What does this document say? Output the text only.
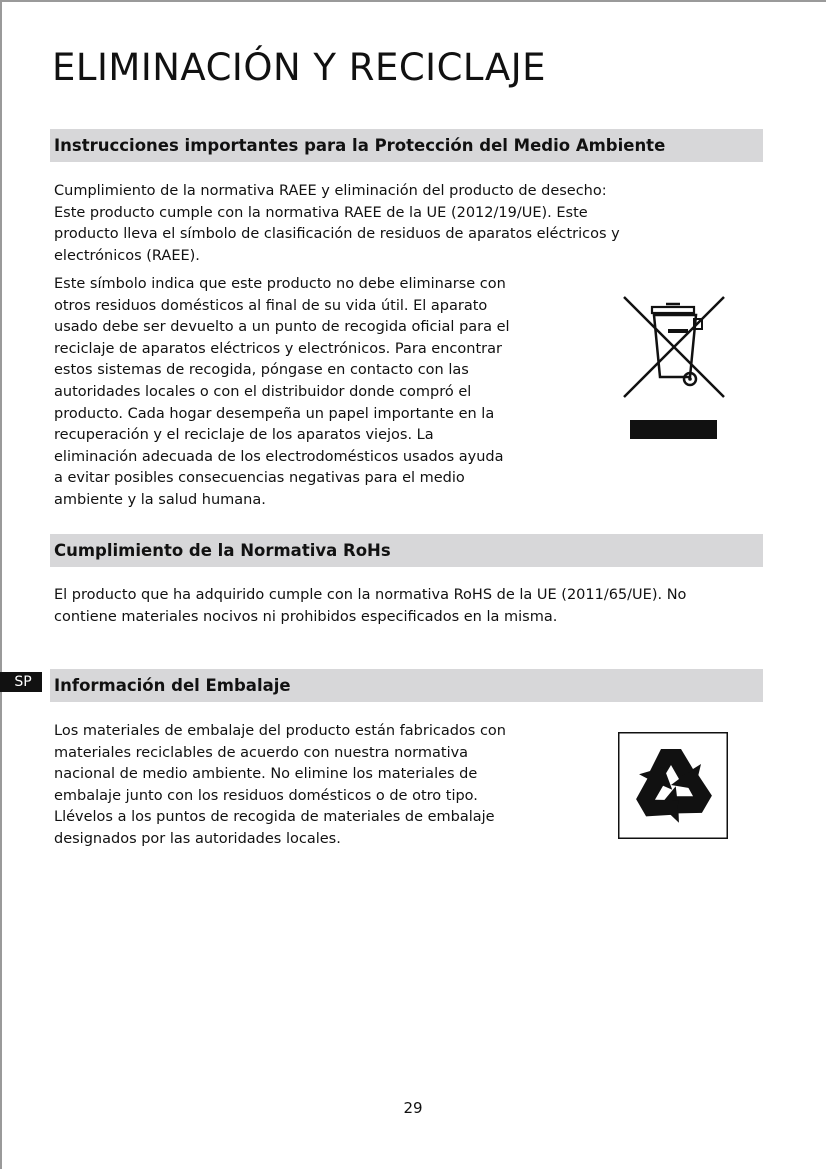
ELIMINACIÓN Y RECICLAJE
Instrucciones importantes para la Protección del Medio Ambiente
Cumplimiento de la normativa RAEE y eliminación del producto de desecho:
Este producto cumple con la normativa RAEE de la UE (2012/19/UE). Este
producto lleva el símbolo de clasificación de residuos de aparatos eléctricos y
electrónicos (RAEE).
Este símbolo indica que este producto no debe eliminarse con
otros residuos domésticos al final de su vida útil. El aparato
usado debe ser devuelto a un punto de recogida oficial para el
reciclaje de aparatos eléctricos y electrónicos. Para encontrar
estos sistemas de recogida, póngase en contacto con las
autoridades locales o con el distribuidor donde compró el
producto. Cada hogar desempeña un papel importante en la
recuperación y el reciclaje de los aparatos viejos. La
eliminación adecuada de los electrodomésticos usados ayuda
a evitar posibles consecuencias negativas para el medio
ambiente y la salud humana.
Cumplimiento de la Normativa RoHs
El producto que ha adquirido cumple con la normativa RoHS de la UE (2011/65/UE). No
contiene materiales nocivos ni prohibidos especificados en la misma.
SP	Información del Embalaje
Los materiales de embalaje del producto están fabricados con
materiales reciclables de acuerdo con nuestra normativa
nacional de medio ambiente. No elimine los materiales de
embalaje junto con los residuos domésticos o de otro tipo.
Llévelos a los puntos de recogida de materiales de embalaje
designados por las autoridades locales.
29
